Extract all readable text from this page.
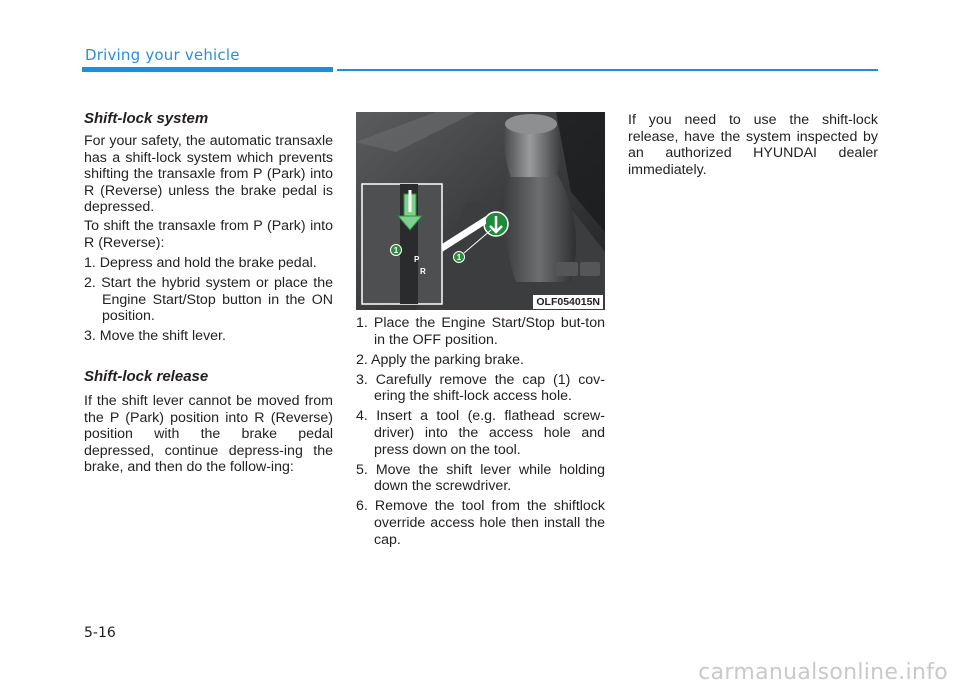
Driving your vehicle
Shift-lock system

For your safety, the automatic transaxle has a shift-lock system which prevents shifting the transaxle from P (Park) into R (Reverse) unless the brake pedal is depressed.

To shift the transaxle from P (Park) into R (Reverse):

1. Depress and hold the brake pedal.
2. Start the hybrid system or place the Engine Start/Stop button in the ON position.
3. Move the shift lever.
Shift-lock release

If the shift lever cannot be moved from the P (Park) position into R (Reverse) position with the brake pedal depressed, continue depress-ing the brake, and then do the follow-ing:

P
R
1
1
OLF054015N
1. Place the Engine Start/Stop but-ton in the OFF position.
2. Apply the parking brake.
3. Carefully remove the cap (1) cov-ering the shift-lock access hole.
4. Insert a tool (e.g. flathead screw-driver) into the access hole and press down on the tool.
5. Move the shift lever while holding down the screwdriver.
6. Remove the tool from the shiftlock override access hole then install the cap.

If you need to use the shift-lock release, have the system inspected by an authorized HYUNDAI dealer immediately.

5-16
carmanualsonline.info
